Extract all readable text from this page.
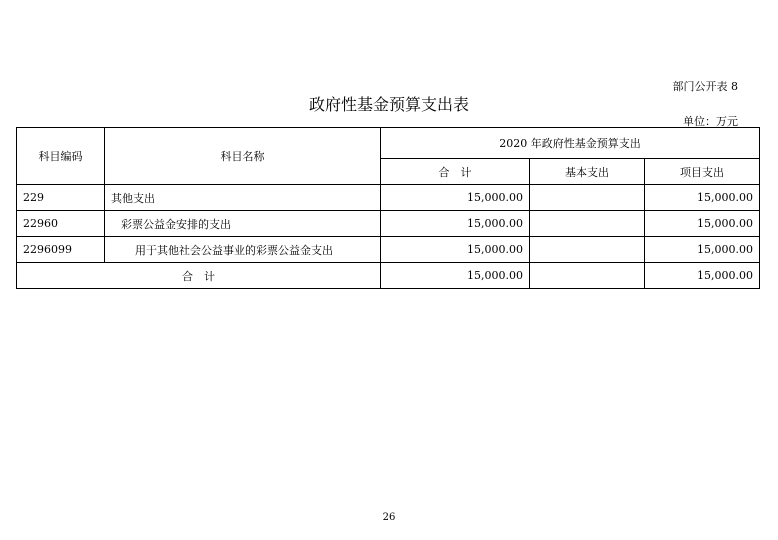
部门公开表 8
政府性基金预算支出表
单位：万元
科目编码	科目名称	2020 年政府性基金预算支出		
		合　计	基本支出	项目支出
229	其他支出	15,000.00		15,000.00
22960	彩票公益金安排的支出	15,000.00		15,000.00
2296099	用于其他社会公益事业的彩票公益金支出	15,000.00		15,000.00
合　计		15,000.00		15,000.00
26
